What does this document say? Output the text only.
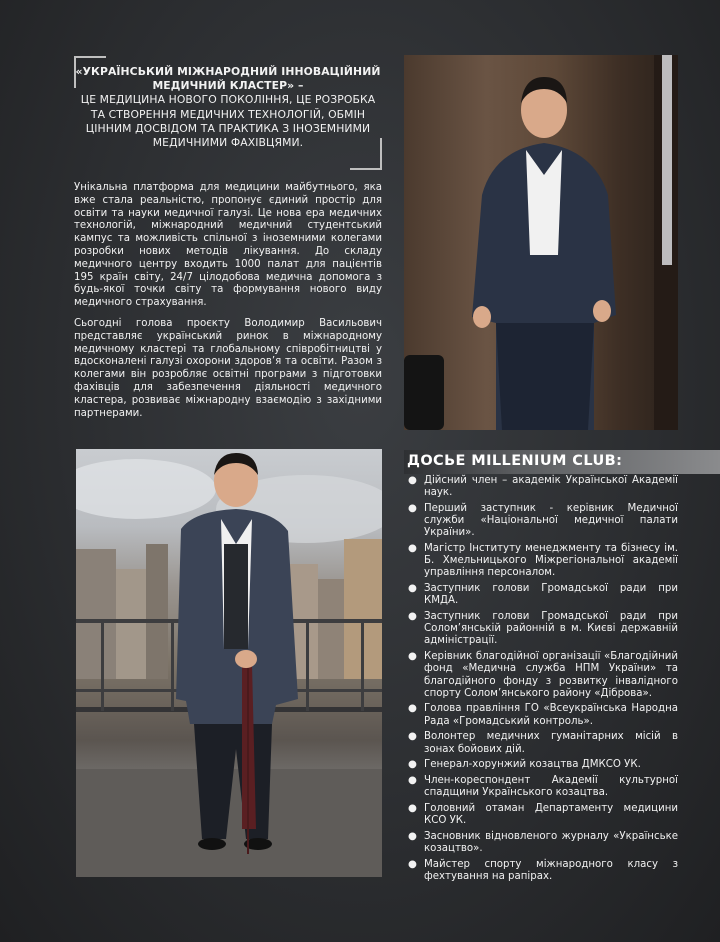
«УКРАЇНСЬКИЙ МІЖНАРОДНИЙ ІННОВАЦІЙНИЙ МЕДИЧНИЙ КЛАСТЕР» –
ЦЕ МЕДИЦИНА НОВОГО ПОКОЛІННЯ, ЦЕ РОЗРОБКА ТА СТВОРЕННЯ МЕДИЧНИХ ТЕХНОЛОГІЙ, ОБМІН ЦІННИМ ДОСВІДОМ ТА ПРАКТИКА З ІНОЗЕМНИМИ МЕДИЧНИМИ ФАХІВЦЯМИ.

Унікальна платформа для медицини майбутнього, яка вже стала реальністю, пропонує єдиний простір для освіти та науки медичної галузі. Це нова ера медичних технологій, міжнародний медичний студентський кампус та можливість спільної з іноземними колегами розробки нових методів лікування. До складу медичного центру входить 1000 палат для пацієнтів 195 країн світу, 24/7 цілодобова медична допомога з будь-якої точки світу та формування нового виду медичного страхування.

Сьогодні голова проєкту Володимир Васильович представляє український ринок в міжнародному медичному кластері та глобальному співробітництві у вдосконалені галузі охорони здоров’я та освіти. Разом з колегами він розробляє освітні програми з підготовки фахівців для забезпечення діяльності медичного кластера, розвиває міжнародну взаємодію з західними партнерами.

ДОСЬЕ MILLENIUM CLUB:
● Дійсний член – академік Української Академії наук.
● Перший заступник - керівник Медичної служби «Національної медичної палати України».
● Магістр Інституту менеджменту та бізнесу ім. Б. Хмельницького Міжрегіональної академії управління персоналом.
● Заступник голови Громадської ради при КМДА.
● Заступник голови Громадської ради при Солом’янській районній в м. Києві державній адміністрації.
● Керівник благодійної організації «Благодійний фонд «Медична служба НПМ України» та благодійного фонду з розвитку інвалідного спорту Солом’янського району «Діброва».
● Голова правління ГО «Всеукраїнська Народна Рада «Громадський контроль».
● Волонтер медичних гуманітарних місій в зонах бойових дій.
● Генерал-хорунжий козацтва ДМКСО УК.
● Член-кореспондент Академії культурної спадщини Українського козацтва.
● Головний отаман Департаменту медицини КСО УК.
● Засновник відновленого журналу «Українське козацтво».
● Майстер спорту міжнародного класу з фехтування на рапірах.
